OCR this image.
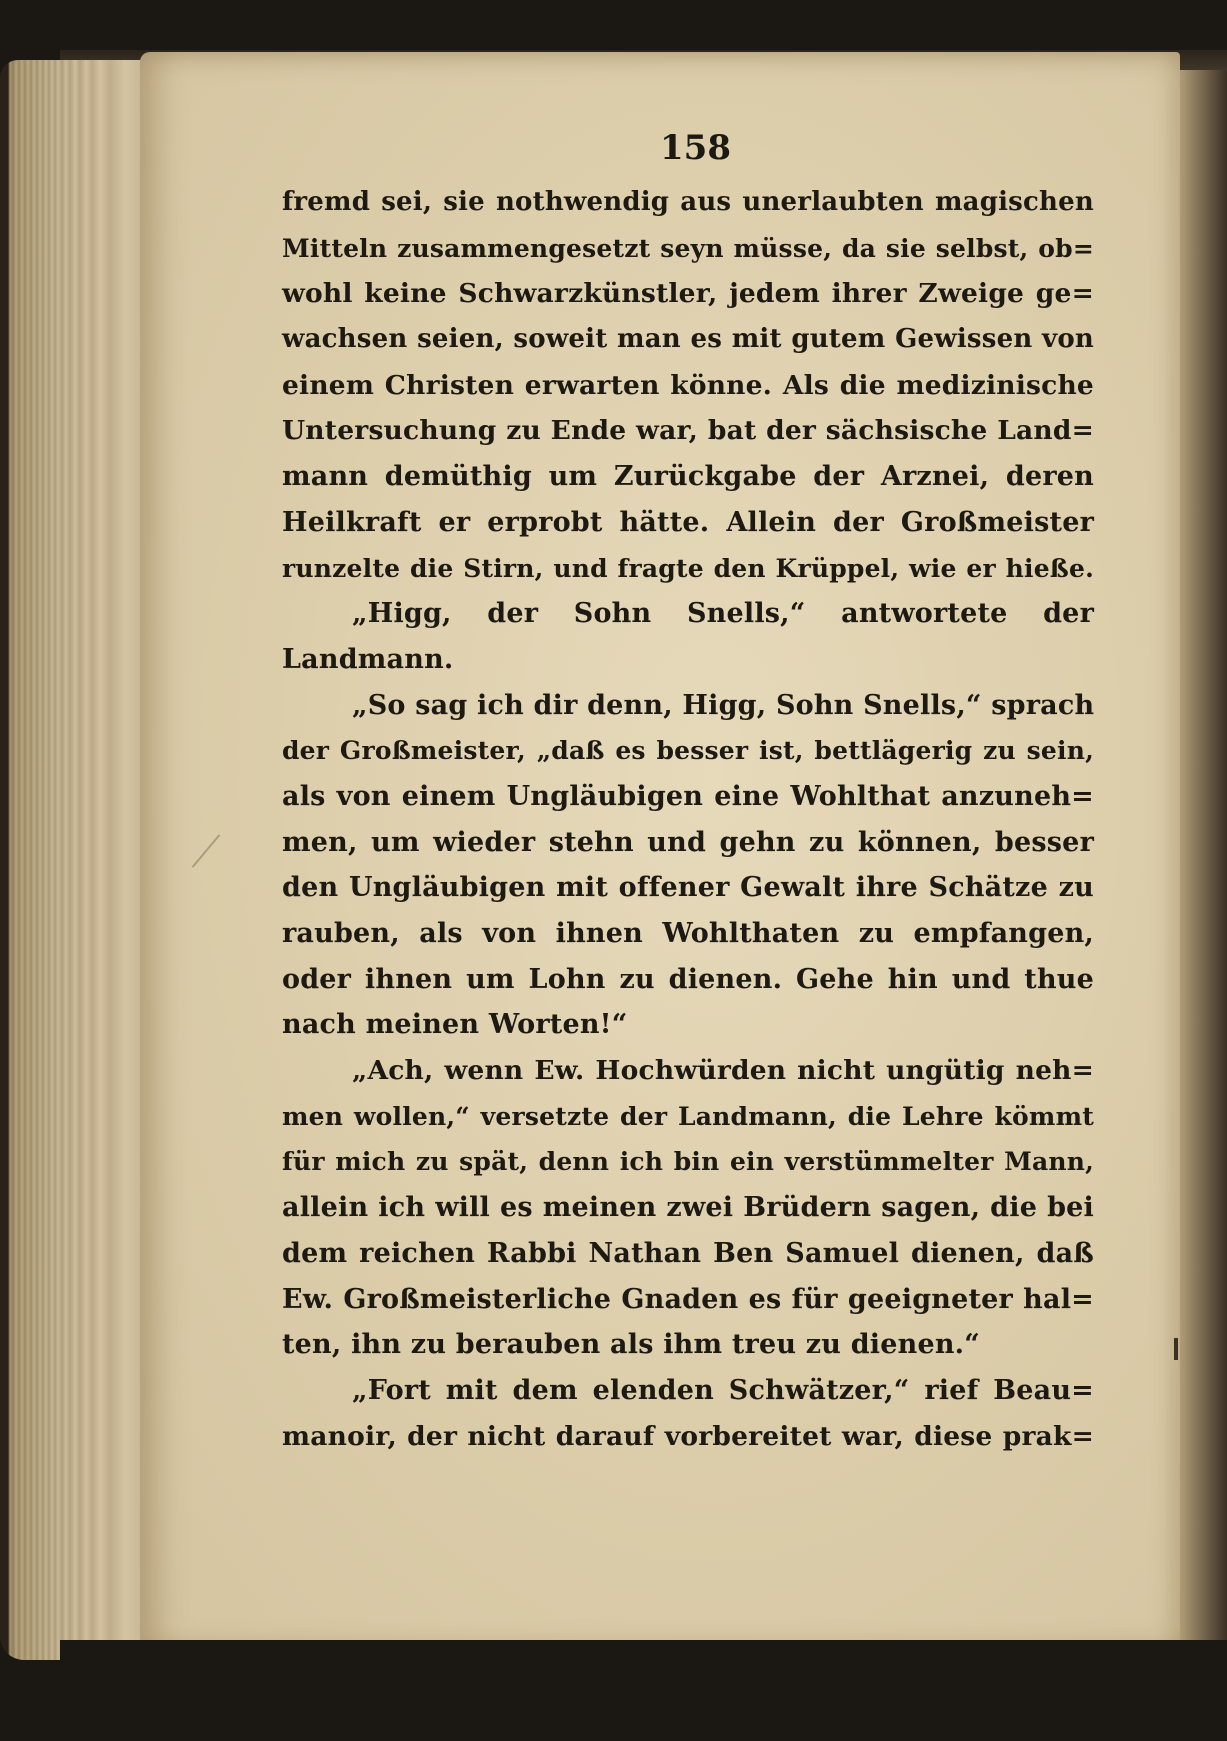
158
fremd sei, sie nothwendig aus unerlaubten magischen
Mitteln zusammengesetzt seyn müsse, da sie selbst, ob=
wohl keine Schwarzkünstler, jedem ihrer Zweige ge=
wachsen seien, soweit man es mit gutem Gewissen von
einem Christen erwarten könne. Als die medizinische
Untersuchung zu Ende war, bat der sächsische Land=
mann demüthig um Zurückgabe der Arznei, deren
Heilkraft er erprobt hätte. Allein der Großmeister
runzelte die Stirn, und fragte den Krüppel, wie er hieße.
„Higg, der Sohn Snells,“ antwortete der
Landmann.
„So sag ich dir denn, Higg, Sohn Snells,“ sprach
der Großmeister, „daß es besser ist, bettlägerig zu sein,
als von einem Ungläubigen eine Wohlthat anzuneh=
men, um wieder stehn und gehn zu können, besser
den Ungläubigen mit offener Gewalt ihre Schätze zu
rauben, als von ihnen Wohlthaten zu empfangen,
oder ihnen um Lohn zu dienen. Gehe hin und thue
nach meinen Worten!“
„Ach, wenn Ew. Hochwürden nicht ungütig neh=
men wollen,“ versetzte der Landmann, die Lehre kömmt
für mich zu spät, denn ich bin ein verstümmelter Mann,
allein ich will es meinen zwei Brüdern sagen, die bei
dem reichen Rabbi Nathan Ben Samuel dienen, daß
Ew. Großmeisterliche Gnaden es für geeigneter hal=
ten, ihn zu berauben als ihm treu zu dienen.“
„Fort mit dem elenden Schwätzer,“ rief Beau=
manoir, der nicht darauf vorbereitet war, diese prak=
